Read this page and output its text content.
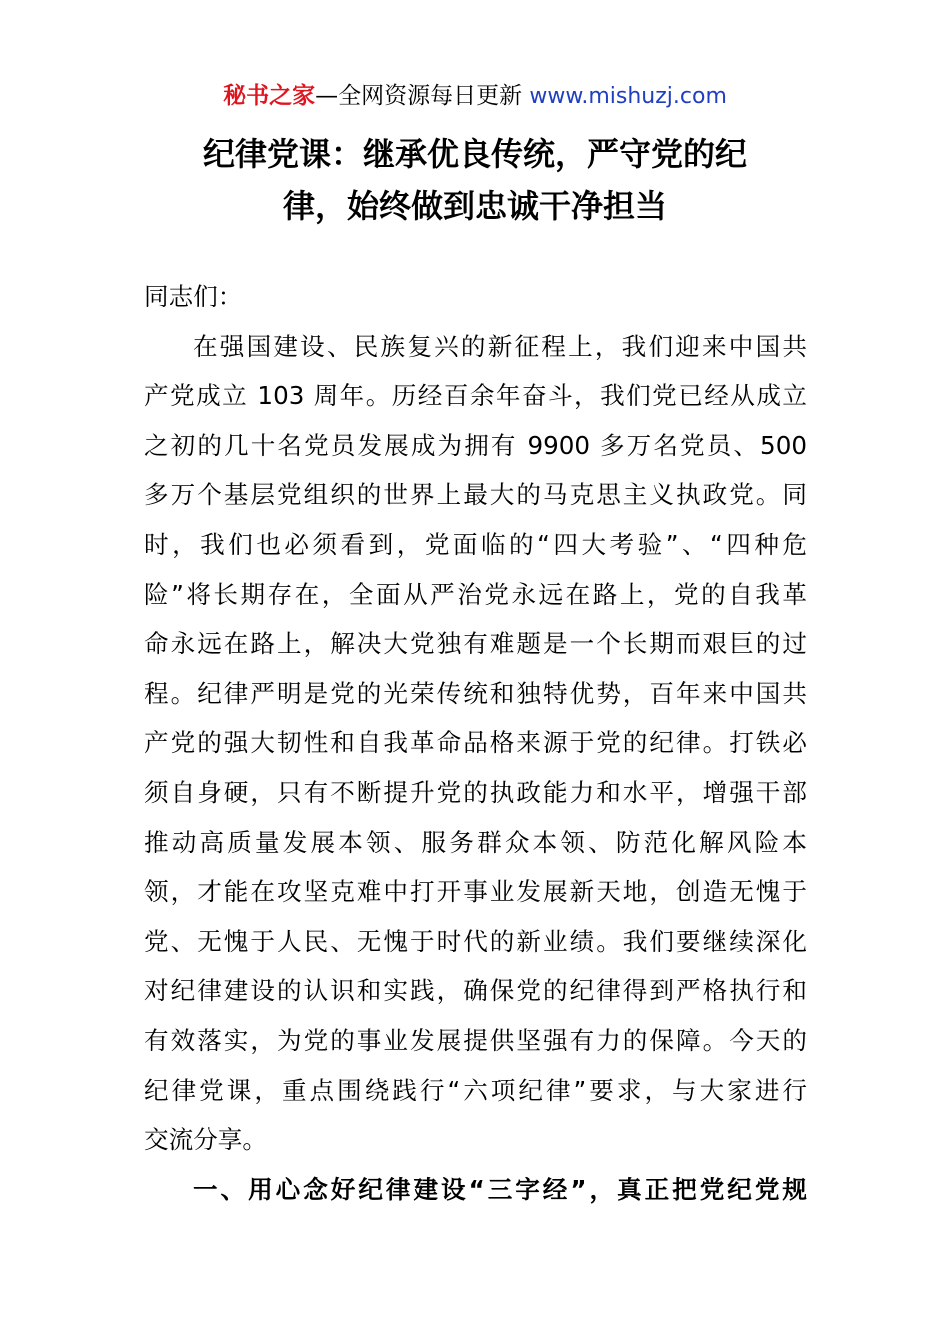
秘书之家—全网资源每日更新 www.mishuzj.com
纪律党课：继承优良传统，严守党的纪
律，始终做到忠诚干净担当
同志们：
在强国建设、民族复兴的新征程上，我们迎来中国共
产党成立 103 周年。历经百余年奋斗，我们党已经从成立
之初的几十名党员发展成为拥有 9900 多万名党员、500
多万个基层党组织的世界上最大的马克思主义执政党。同
时，我们也必须看到，党面临的“四大考验”、“四种危
险”将长期存在，全面从严治党永远在路上，党的自我革
命永远在路上，解决大党独有难题是一个长期而艰巨的过
程。纪律严明是党的光荣传统和独特优势，百年来中国共
产党的强大韧性和自我革命品格来源于党的纪律。打铁必
须自身硬，只有不断提升党的执政能力和水平，增强干部
推动高质量发展本领、服务群众本领、防范化解风险本
领，才能在攻坚克难中打开事业发展新天地，创造无愧于
党、无愧于人民、无愧于时代的新业绩。我们要继续深化
对纪律建设的认识和实践，确保党的纪律得到严格执行和
有效落实，为党的事业发展提供坚强有力的保障。今天的
纪律党课，重点围绕践行“六项纪律”要求，与大家进行
交流分享。
一、用心念好纪律建设“三字经”，真正把党纪党规
